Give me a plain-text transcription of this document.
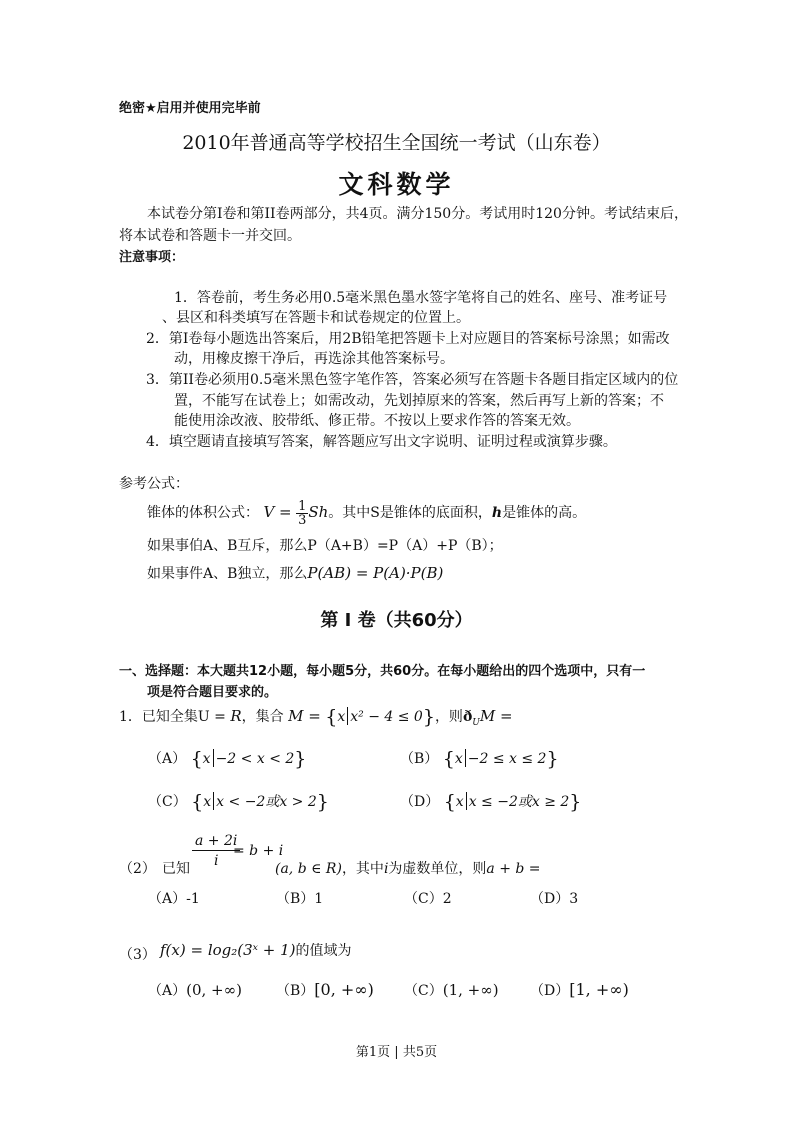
绝密★启用并使用完毕前
2010年普通高等学校招生全国统一考试（山东卷）
文科数学
本试卷分第I卷和第II卷两部分，共4页。满分150分。考试用时120分钟。考试结束后，
将本试卷和答题卡一并交回。
注意事项：
1．答卷前，考生务必用0.5毫米黑色墨水签字笔将自己的姓名、座号、准考证号
、县区和科类填写在答题卡和试卷规定的位置上。
2．第I卷每小题选出答案后，用2B铅笔把答题卡上对应题目的答案标号涂黑；如需改
动，用橡皮擦干净后，再选涂其他答案标号。
3．第II卷必须用0.5毫米黑色签字笔作答，答案必须写在答题卡各题目指定区域内的位
置，不能写在试卷上；如需改动，先划掉原来的答案，然后再写上新的答案；不
能使用涂改液、胶带纸、修正带。不按以上要求作答的答案无效。
4．填空题请直接填写答案，解答题应写出文字说明、证明过程或演算步骤。
参考公式：
锥体的体积公式： $V = \frac{1}{3}$ Sh。其中S是锥体的底面积，h是锥体的高。
如果事伯A、B互斥，那么P（A+B）=P（A）+P（B）；
如果事件A、B独立，那么P(AB) = P(A)·P(B)
第 Ⅰ 卷（共60分）
一、选择题：本大题共12小题，每小题5分，共60分。在每小题给出的四个选项中，只有一
项是符合题目要求的。
1．已知全集U = R，集合 M = {x x² − 4 ≤ 0}，则$ð_UM$ =
（A） {x −2 < x < 2}	（B） {x −2 ≤ x ≤ 2}
（C） {x x < −2或x > 2}	（D） {x x ≤ −2或x ≥ 2}
（2） 已知
$\frac{a + 2i}{i}$
= b + i
(a, b ∈ R)，其中i为虚数单位，则a + b =
（A）-1	（B）1	（C）2	（D）3
（3） f(x) = log₂(3ˣ + 1)的值域为
（A）(0, +∞) （B）[0, +∞) （C）(1, +∞) （D）[1, +∞)
第1页 | 共5页
